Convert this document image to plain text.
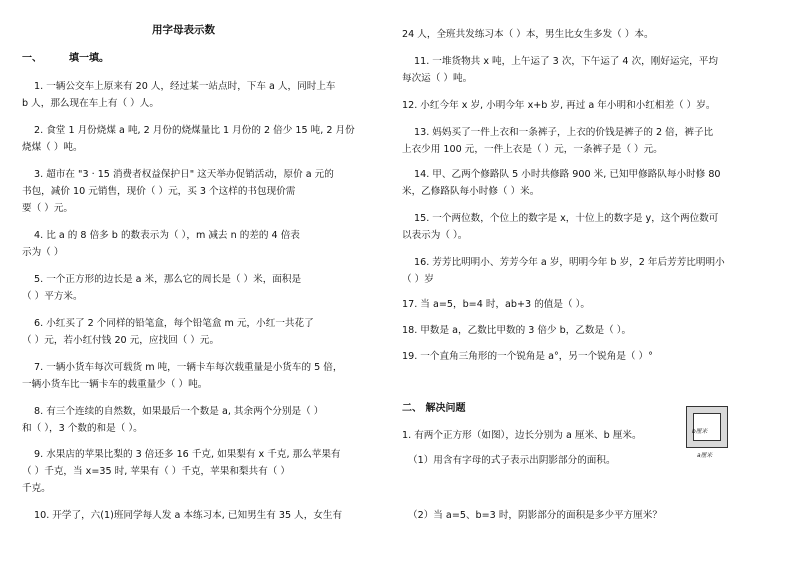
用字母表示数
一、	填一填。
1. 一辆公交车上原来有 20 人，经过某一站点时，下车 a 人，同时上车
b 人，那么现在车上有（ ）人。
2. 食堂 1 月份烧煤 a 吨, 2 月份的烧煤量比 1 月份的 2 倍少 15 吨, 2 月份
烧煤（ ）吨。
3. 超市在 "3 · 15 消费者权益保护日" 这天举办促销活动，原价 a 元的
书包，减价 10 元销售，现价（ ）元，买 3 个这样的书包现价需
要（ ）元。
4. 比 a 的 8 倍多 b 的数表示为（ ），m 减去 n 的差的 4 倍表
示为（ ）
5. 一个正方形的边长是 a 米，那么它的周长是（ ）米，面积是
（ ）平方米。
6. 小红买了 2 个同样的铅笔盒，每个铅笔盒 m 元，小红一共花了
（ ）元，若小红付钱 20 元，应找回（ ）元。
7. 一辆小货车每次可载货 m 吨，一辆卡车每次载重量是小货车的 5 倍，
一辆小货车比一辆卡车的载重量少（ ）吨。
8. 有三个连续的自然数，如果最后一个数是 a, 其余两个分别是（ ）
和（ ），3 个数的和是（ ）。
9. 水果店的苹果比梨的 3 倍还多 16 千克, 如果梨有 x 千克, 那么苹果有
（ ）千克，当 x=35 时, 苹果有（ ）千克，苹果和梨共有（ ）
千克。
10. 开学了，六(1)班同学每人发 a 本练习本, 已知男生有 35 人，女生有
24 人，全班共发练习本（ ）本，男生比女生多发（ ）本。
11. 一堆货物共 x 吨，上午运了 3 次，下午运了 4 次，刚好运完，平均
每次运（ ）吨。
12. 小红今年 x 岁, 小明今年 x+b 岁, 再过 a 年小明和小红相差（ ）岁。
13. 妈妈买了一件上衣和一条裤子，上衣的价钱是裤子的 2 倍，裤子比
上衣少用 100 元，一件上衣是（ ）元，一条裤子是（ ）元。
14. 甲、乙两个修路队 5 小时共修路 900 米, 已知甲修路队每小时修 80
米，乙修路队每小时修（ ）米。
15. 一个两位数，个位上的数字是 x，十位上的数字是 y，这个两位数可
以表示为（ ）。
16. 芳芳比明明小、芳芳今年 a 岁，明明今年 b 岁，2 年后芳芳比明明小
（ ）岁
17. 当 a=5，b=4 时，ab+3 的值是（ ）。
18. 甲数是 a，乙数比甲数的 3 倍少 b，乙数是（ ）。
19. 一个直角三角形的一个锐角是 a°，另一个锐角是（ ）°
二、 解决问题
1. 有两个正方形（如图），边长分别为 a 厘米、b 厘米。
（1）用含有字母的式子表示出阴影部分的面积。
（2）当 a=5、b=3 时，阴影部分的面积是多少平方厘米？
b厘米
a厘米
